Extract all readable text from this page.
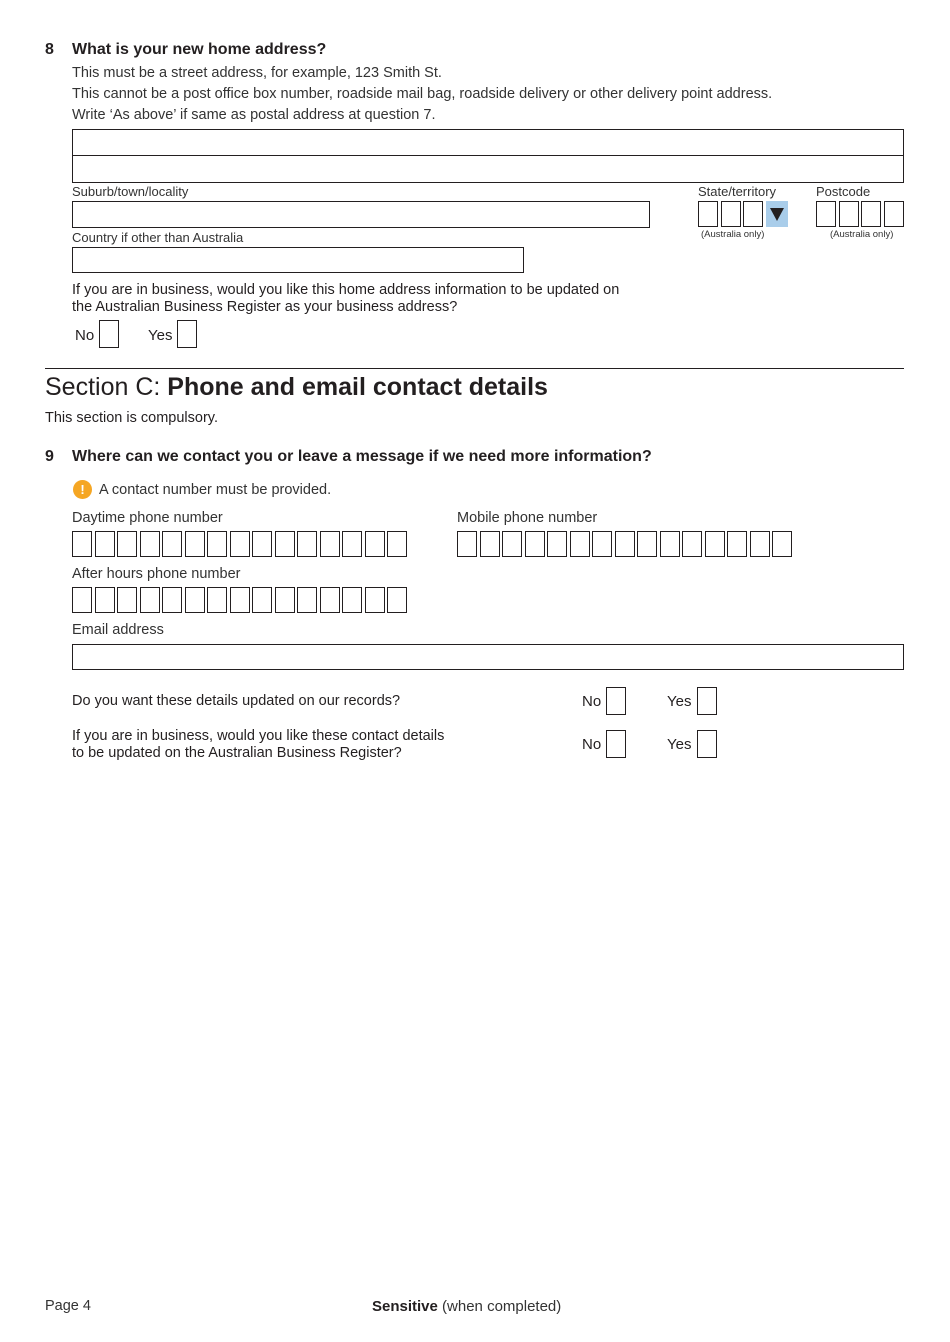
8 What is your new home address?
This must be a street address, for example, 123 Smith St.
This cannot be a post office box number, roadside mail bag, roadside delivery or other delivery point address.
Write ‘As above’ if same as postal address at question 7.
Suburb/town/locality	State/territory	Postcode
(Australia only)	(Australia only)
Country if other than Australia
If you are in business, would you like this home address information to be updated on
the Australian Business Register as your business address?
No	Yes
Section C: Phone and email contact details
This section is compulsory.
9 Where can we contact you or leave a message if we need more information?
! A contact number must be provided.
Daytime phone number	Mobile phone number
After hours phone number
Email address
Do you want these details updated on our records?	No	Yes
If you are in business, would you like these contact details
to be updated on the Australian Business Register?	No	Yes
Page 4	Sensitive (when completed)
